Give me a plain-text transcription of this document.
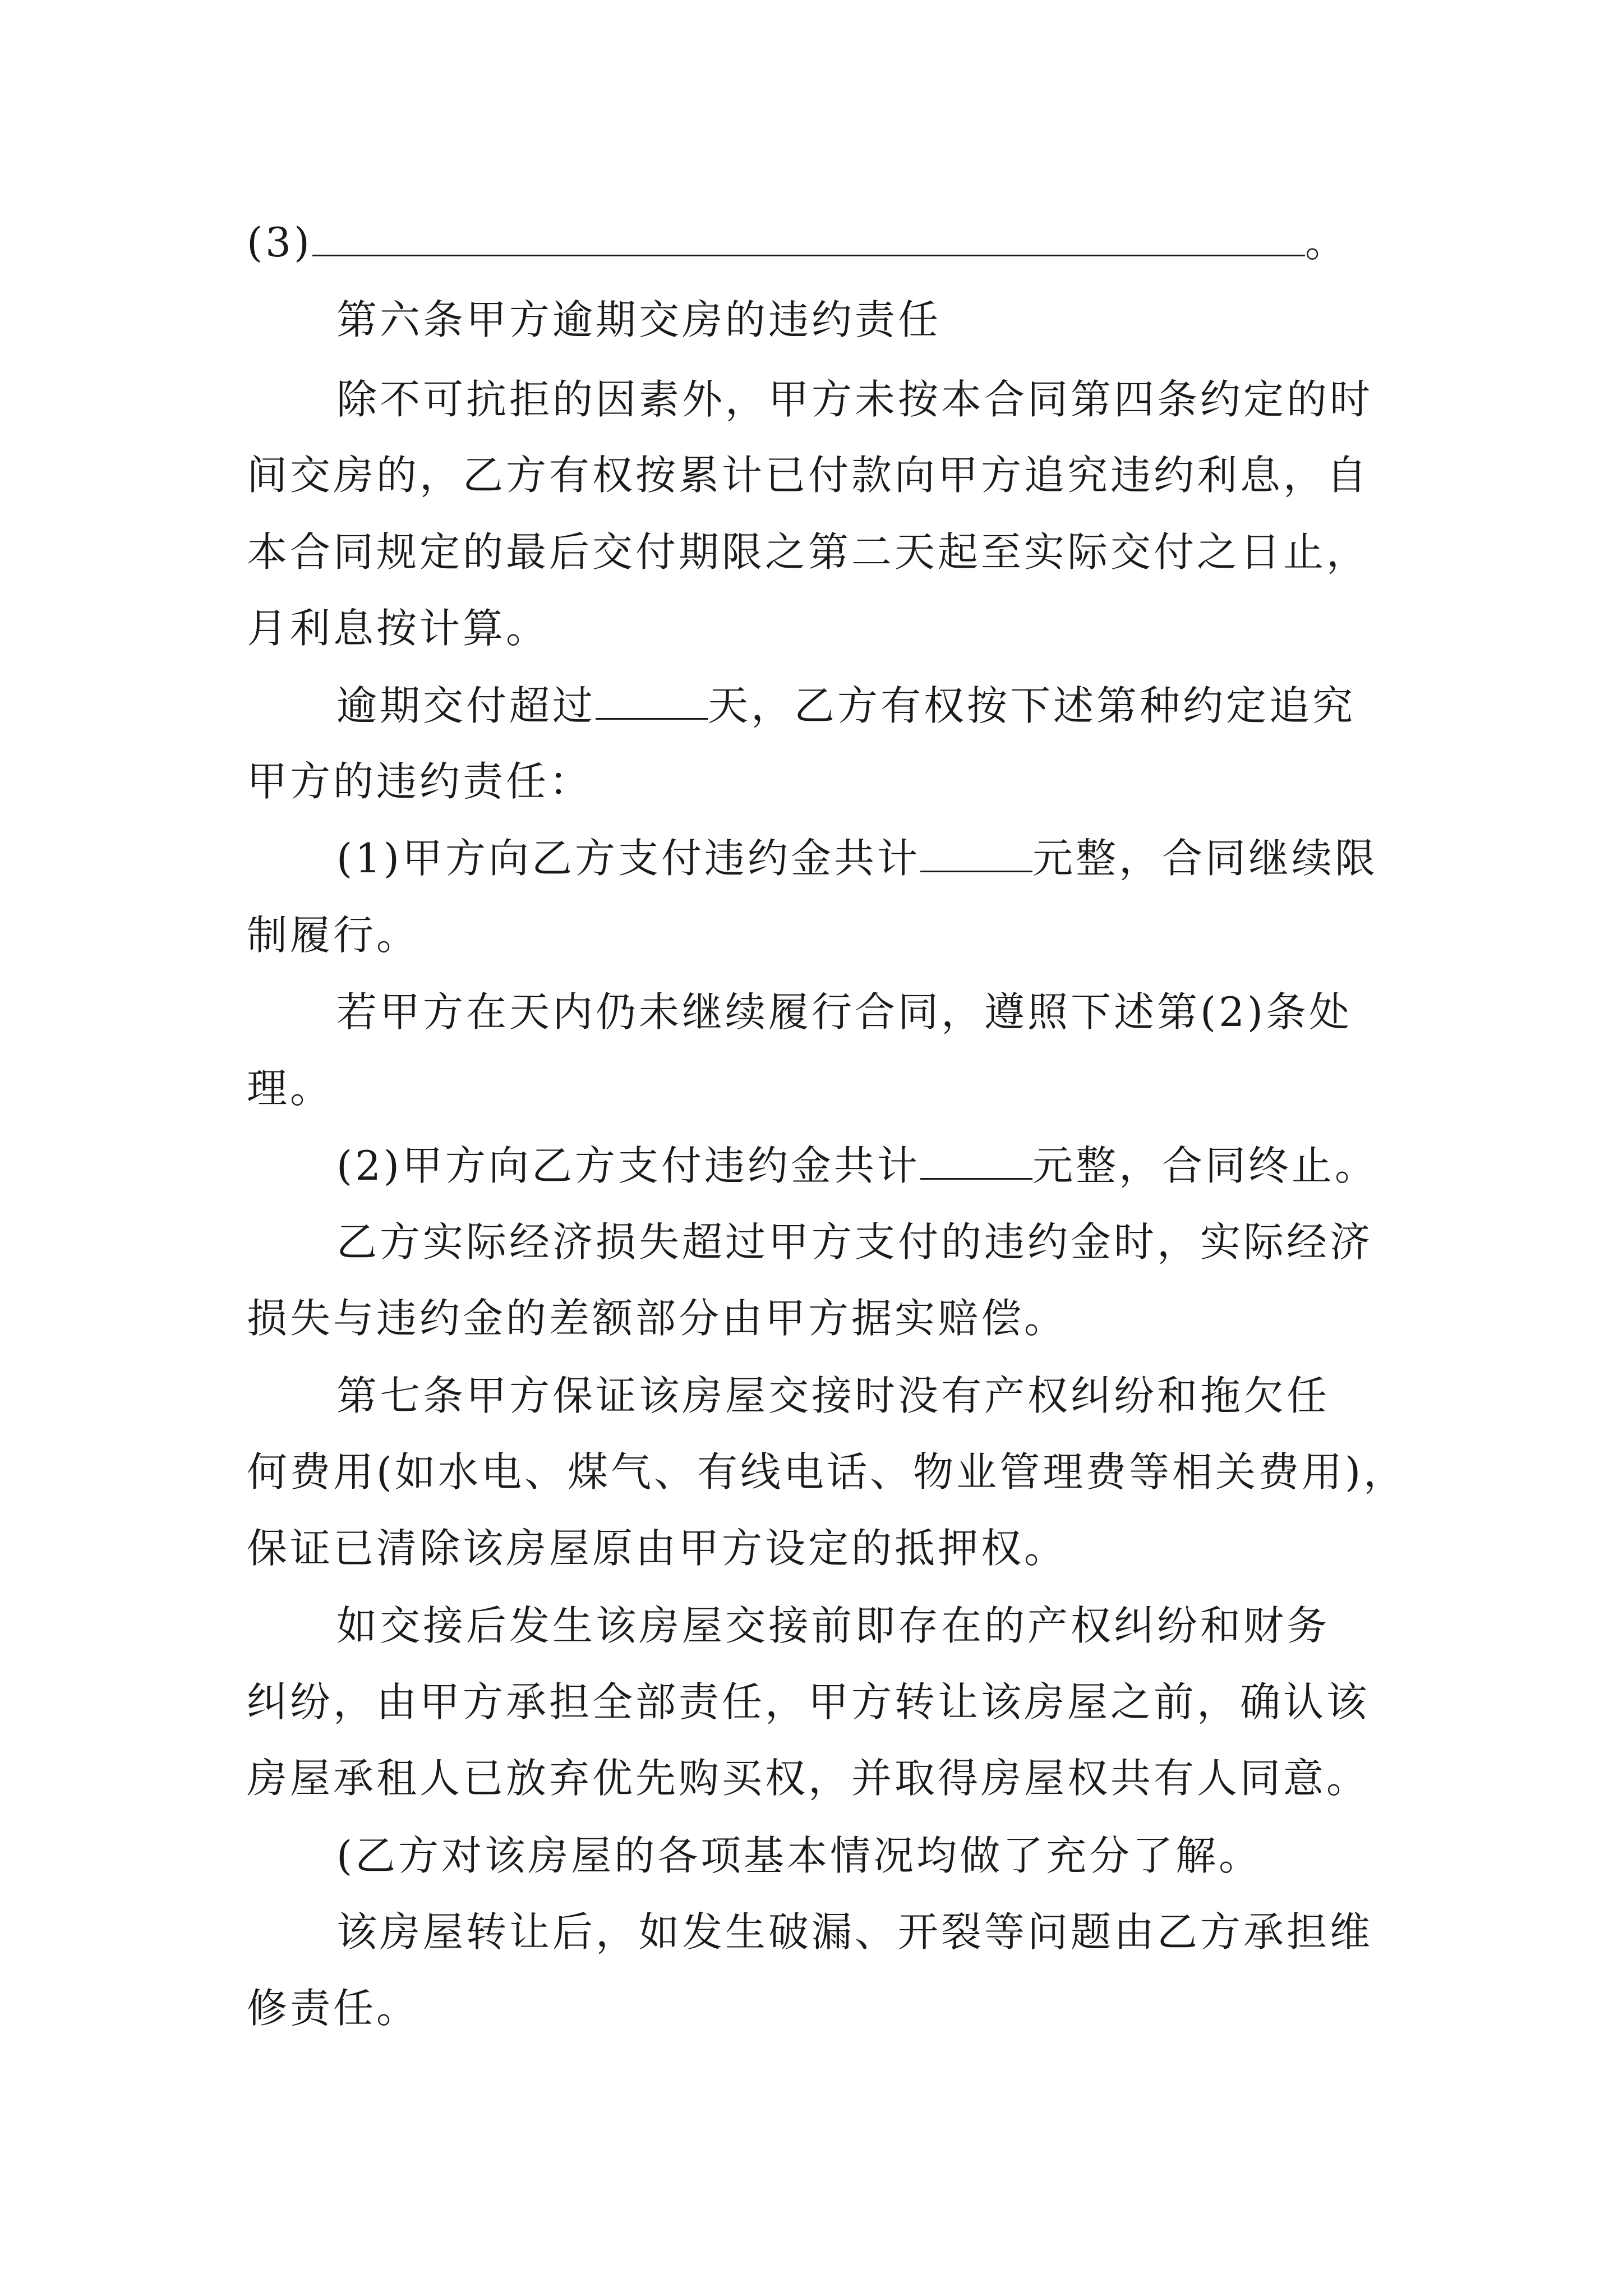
(3)	。
第六条甲方逾期交房的违约责任
除不可抗拒的因素外，甲方未按本合同第四条约定的时
间交房的，乙方有权按累计已付款向甲方追究违约利息，自
本合同规定的最后交付期限之第二天起至实际交付之日止，
月利息按计算。
逾期交付超过	天，乙方有权按下述第种约定追究
甲方的违约责任：
(1)甲方向乙方支付违约金共计	元整，合同继续限
制履行。
若甲方在天内仍未继续履行合同，遵照下述第(2)条处
理。
(2)甲方向乙方支付违约金共计	元整，合同终止。
乙方实际经济损失超过甲方支付的违约金时，实际经济
损失与违约金的差额部分由甲方据实赔偿。
第七条甲方保证该房屋交接时没有产权纠纷和拖欠任
何费用(如水电、煤气、有线电话、物业管理费等相关费用)，
保证已清除该房屋原由甲方设定的抵押权。
如交接后发生该房屋交接前即存在的产权纠纷和财务
纠纷，由甲方承担全部责任，甲方转让该房屋之前，确认该
房屋承租人已放弃优先购买权，并取得房屋权共有人同意。
(乙方对该房屋的各项基本情况均做了充分了解。
该房屋转让后，如发生破漏、开裂等问题由乙方承担维
修责任。
